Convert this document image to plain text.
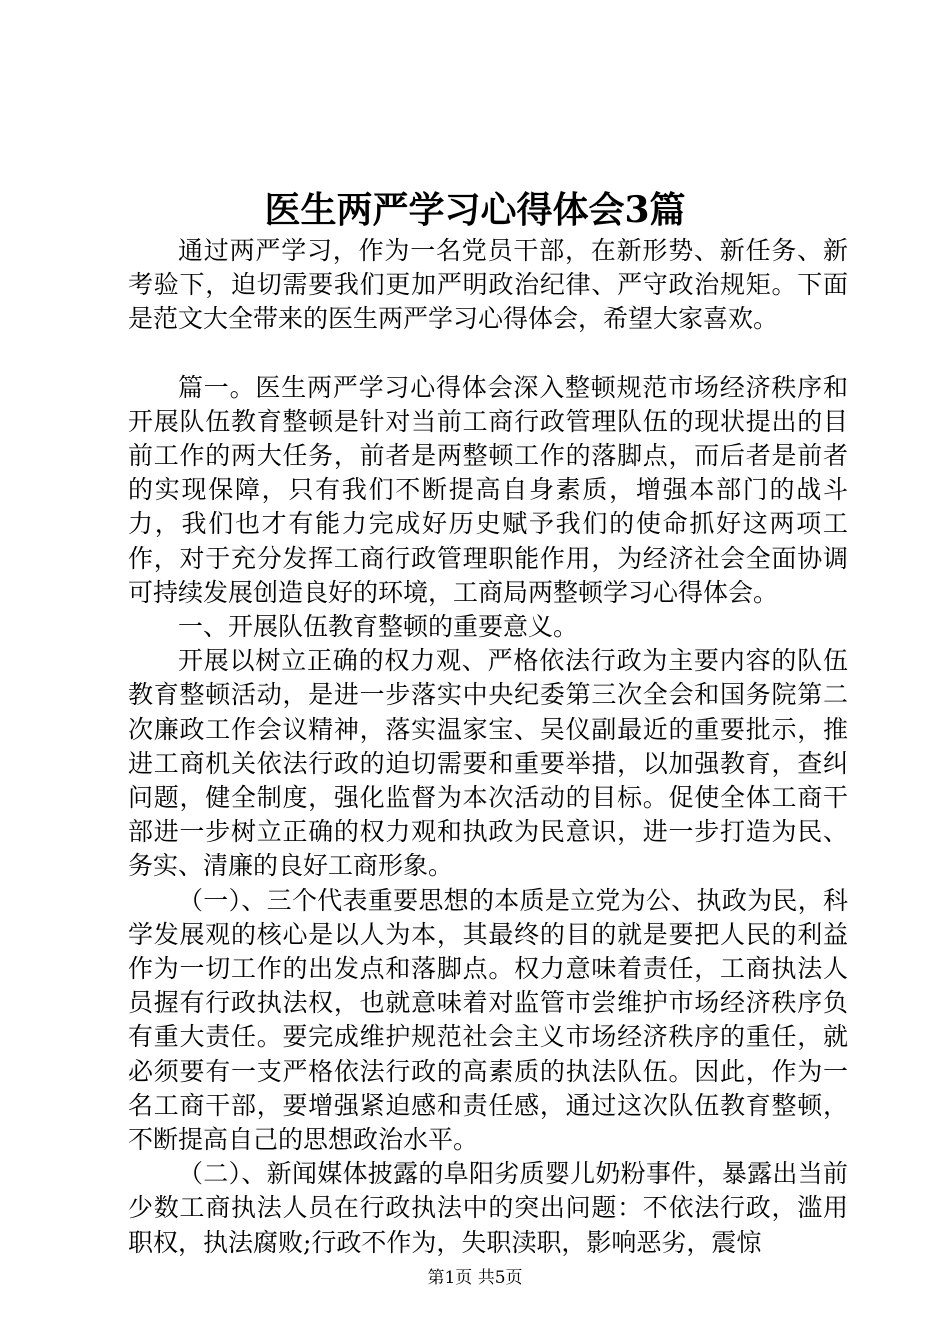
医生两严学习心得体会3篇

通过两严学习，作为一名党员干部，在新形势、新任务、新考验下，迫切需要我们更加严明政治纪律、严守政治规矩。下面是范文大全带来的医生两严学习心得体会，希望大家喜欢。

篇一。医生两严学习心得体会深入整顿规范市场经济秩序和开展队伍教育整顿是针对当前工商行政管理队伍的现状提出的目前工作的两大任务，前者是两整顿工作的落脚点，而后者是前者的实现保障，只有我们不断提高自身素质，增强本部门的战斗力，我们也才有能力完成好历史赋予我们的使命抓好这两项工作，对于充分发挥工商行政管理职能作用，为经济社会全面协调可持续发展创造良好的环境，工商局两整顿学习心得体会。

一、开展队伍教育整顿的重要意义。

开展以树立正确的权力观、严格依法行政为主要内容的队伍教育整顿活动，是进一步落实中央纪委第三次全会和国务院第二次廉政工作会议精神，落实温家宝、吴仪副最近的重要批示，推进工商机关依法行政的迫切需要和重要举措，以加强教育，查纠问题，健全制度，强化监督为本次活动的目标。促使全体工商干部进一步树立正确的权力观和执政为民意识，进一步打造为民、务实、清廉的良好工商形象。

（一）、三个代表重要思想的本质是立党为公、执政为民，科学发展观的核心是以人为本，其最终的目的就是要把人民的利益作为一切工作的出发点和落脚点。权力意味着责任，工商执法人员握有行政执法权，也就意味着对监管市尝维护市场经济秩序负有重大责任。要完成维护规范社会主义市场经济秩序的重任，就必须要有一支严格依法行政的高素质的执法队伍。因此，作为一名工商干部，要增强紧迫感和责任感，通过这次队伍教育整顿，不断提高自己的思想政治水平。

（二）、新闻媒体披露的阜阳劣质婴儿奶粉事件，暴露出当前少数工商执法人员在行政执法中的突出问题：不依法行政，滥用职权，执法腐败;行政不作为，失职渎职，影响恶劣，震惊

第1页 共5页
